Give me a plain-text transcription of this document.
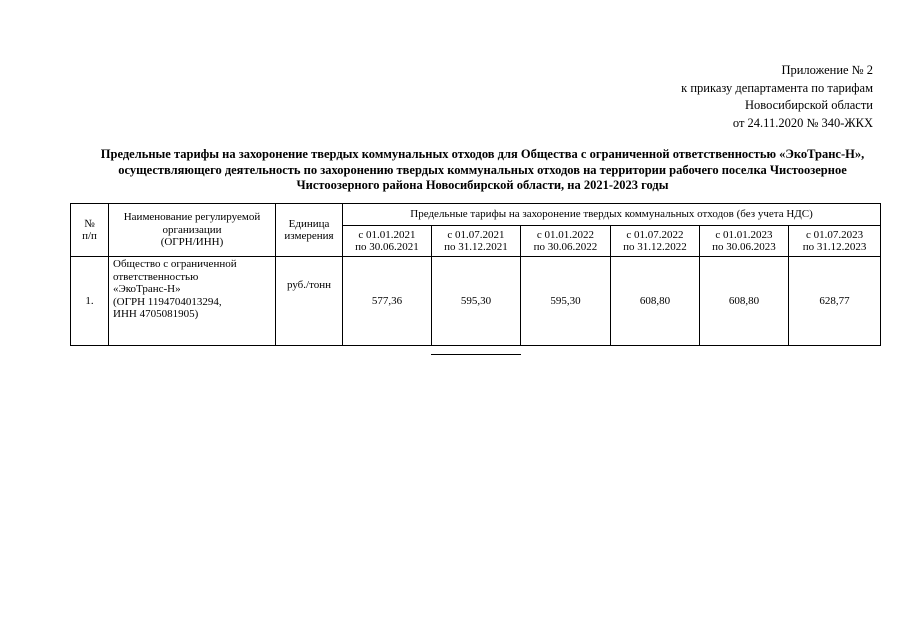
Приложение № 2
к приказу департамента по тарифам
Новосибирской области
от 24.11.2020 № 340-ЖКХ
Предельные тарифы на захоронение твердых коммунальных отходов для Общества с ограниченной ответственностью «ЭкоТранс-Н»,
осуществляющего деятельность по захоронению твердых коммунальных отходов на территории рабочего поселка Чистоозерное
Чистоозерного района Новосибирской области, на 2021-2023 годы
№
п/п	Наименование регулируемой
организации
(ОГРН/ИНН)	Единица
измерения	Предельные тарифы на захоронение твердых коммунальных отходов (без учета НДС)					

			с 01.01.2021
по 30.06.2021	с 01.07.2021
по 31.12.2021	с 01.01.2022
по 30.06.2022	с 01.07.2022
по 31.12.2022	с 01.01.2023
по 30.06.2023	с 01.07.2023
по 31.12.2023

1.	Общество с ограниченной
ответственностью
«ЭкоТранс-Н»
(ОГРН 1194704013294,
ИНН 4705081905)	руб./тонн	577,36	595,30	595,30	608,80	608,80	628,77
